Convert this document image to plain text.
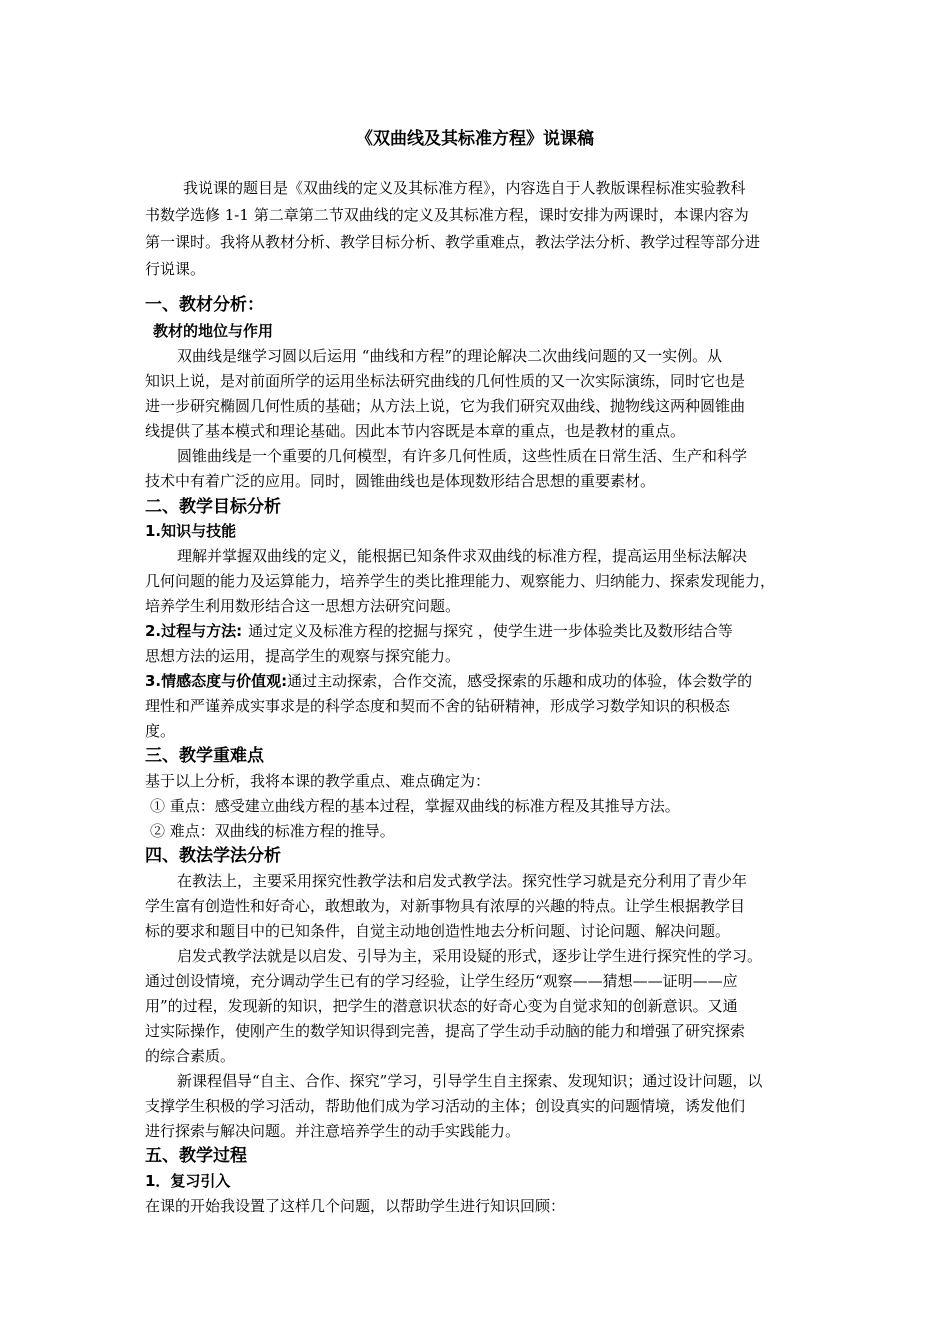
《双曲线及其标准方程》说课稿
我说课的题目是《双曲线的定义及其标准方程》，内容选自于人教版课程标准实验教科
书数学选修 1-1 第二章第二节双曲线的定义及其标准方程，课时安排为两课时，本课内容为
第一课时。我将从教材分析、教学目标分析、教学重难点，教法学法分析、教学过程等部分进
行说课。
一、教材分析：
教材的地位与作用
双曲线是继学习圆以后运用 “曲线和方程”的理论解决二次曲线问题的又一实例。从
知识上说，是对前面所学的运用坐标法研究曲线的几何性质的又一次实际演练，同时它也是
进一步研究椭圆几何性质的基础；从方法上说，它为我们研究双曲线、抛物线这两种圆锥曲
线提供了基本模式和理论基础。因此本节内容既是本章的重点，也是教材的重点。
圆锥曲线是一个重要的几何模型，有许多几何性质，这些性质在日常生活、生产和科学
技术中有着广泛的应用。同时，圆锥曲线也是体现数形结合思想的重要素材。
二、教学目标分析
1.知识与技能
理解并掌握双曲线的定义，能根据已知条件求双曲线的标准方程，提高运用坐标法解决
几何问题的能力及运算能力，培养学生的类比推理能力、观察能力、归纳能力、探索发现能力，
培养学生利用数形结合这一思想方法研究问题。
2.过程与方法: 通过定义及标准方程的挖掘与探究 ，使学生进一步体验类比及数形结合等
思想方法的运用，提高学生的观察与探究能力。
3.情感态度与价值观:通过主动探索，合作交流，感受探索的乐趣和成功的体验，体会数学的
理性和严谨养成实事求是的科学态度和契而不舍的钻研精神，形成学习数学知识的积极态
度。
三、教学重难点
基于以上分析，我将本课的教学重点、难点确定为：
① 重点：感受建立曲线方程的基本过程，掌握双曲线的标准方程及其推导方法。
② 难点：双曲线的标准方程的推导。
四、教法学法分析
在教法上，主要采用探究性教学法和启发式教学法。探究性学习就是充分利用了青少年
学生富有创造性和好奇心，敢想敢为，对新事物具有浓厚的兴趣的特点。让学生根据教学目
标的要求和题目中的已知条件，自觉主动地创造性地去分析问题、讨论问题、解决问题。
启发式教学法就是以启发、引导为主，采用设疑的形式，逐步让学生进行探究性的学习。
通过创设情境，充分调动学生已有的学习经验，让学生经历“观察——猜想——证明——应
用”的过程，发现新的知识，把学生的潜意识状态的好奇心变为自觉求知的创新意识。又通
过实际操作，使刚产生的数学知识得到完善，提高了学生动手动脑的能力和增强了研究探索
的综合素质。
新课程倡导“自主、合作、探究”学习，引导学生自主探索、发现知识；通过设计问题，以
支撑学生积极的学习活动，帮助他们成为学习活动的主体；创设真实的问题情境，诱发他们
进行探索与解决问题。并注意培养学生的动手实践能力。
五、教学过程
1．复习引入
在课的开始我设置了这样几个问题，以帮助学生进行知识回顾：
